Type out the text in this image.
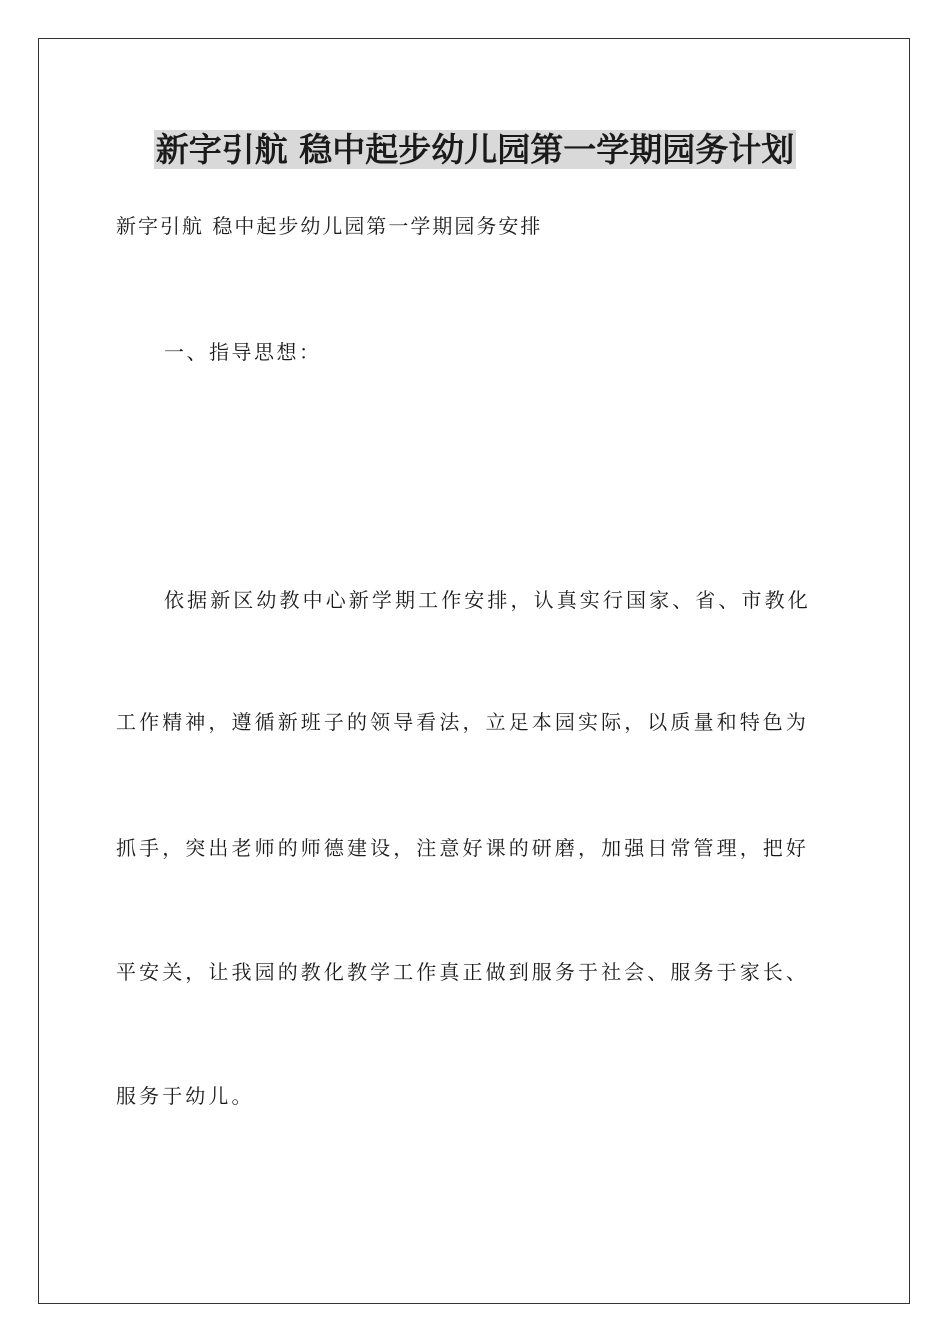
新字引航 稳中起步幼儿园第一学期园务计划

新字引航 稳中起步幼儿园第一学期园务安排

一、指导思想：

依据新区幼教中心新学期工作安排，认真实行国家、省、市教化

工作精神，遵循新班子的领导看法，立足本园实际，以质量和特色为

抓手，突出老师的师德建设，注意好课的研磨，加强日常管理，把好

平安关，让我园的教化教学工作真正做到服务于社会、服务于家长、

服务于幼儿。
